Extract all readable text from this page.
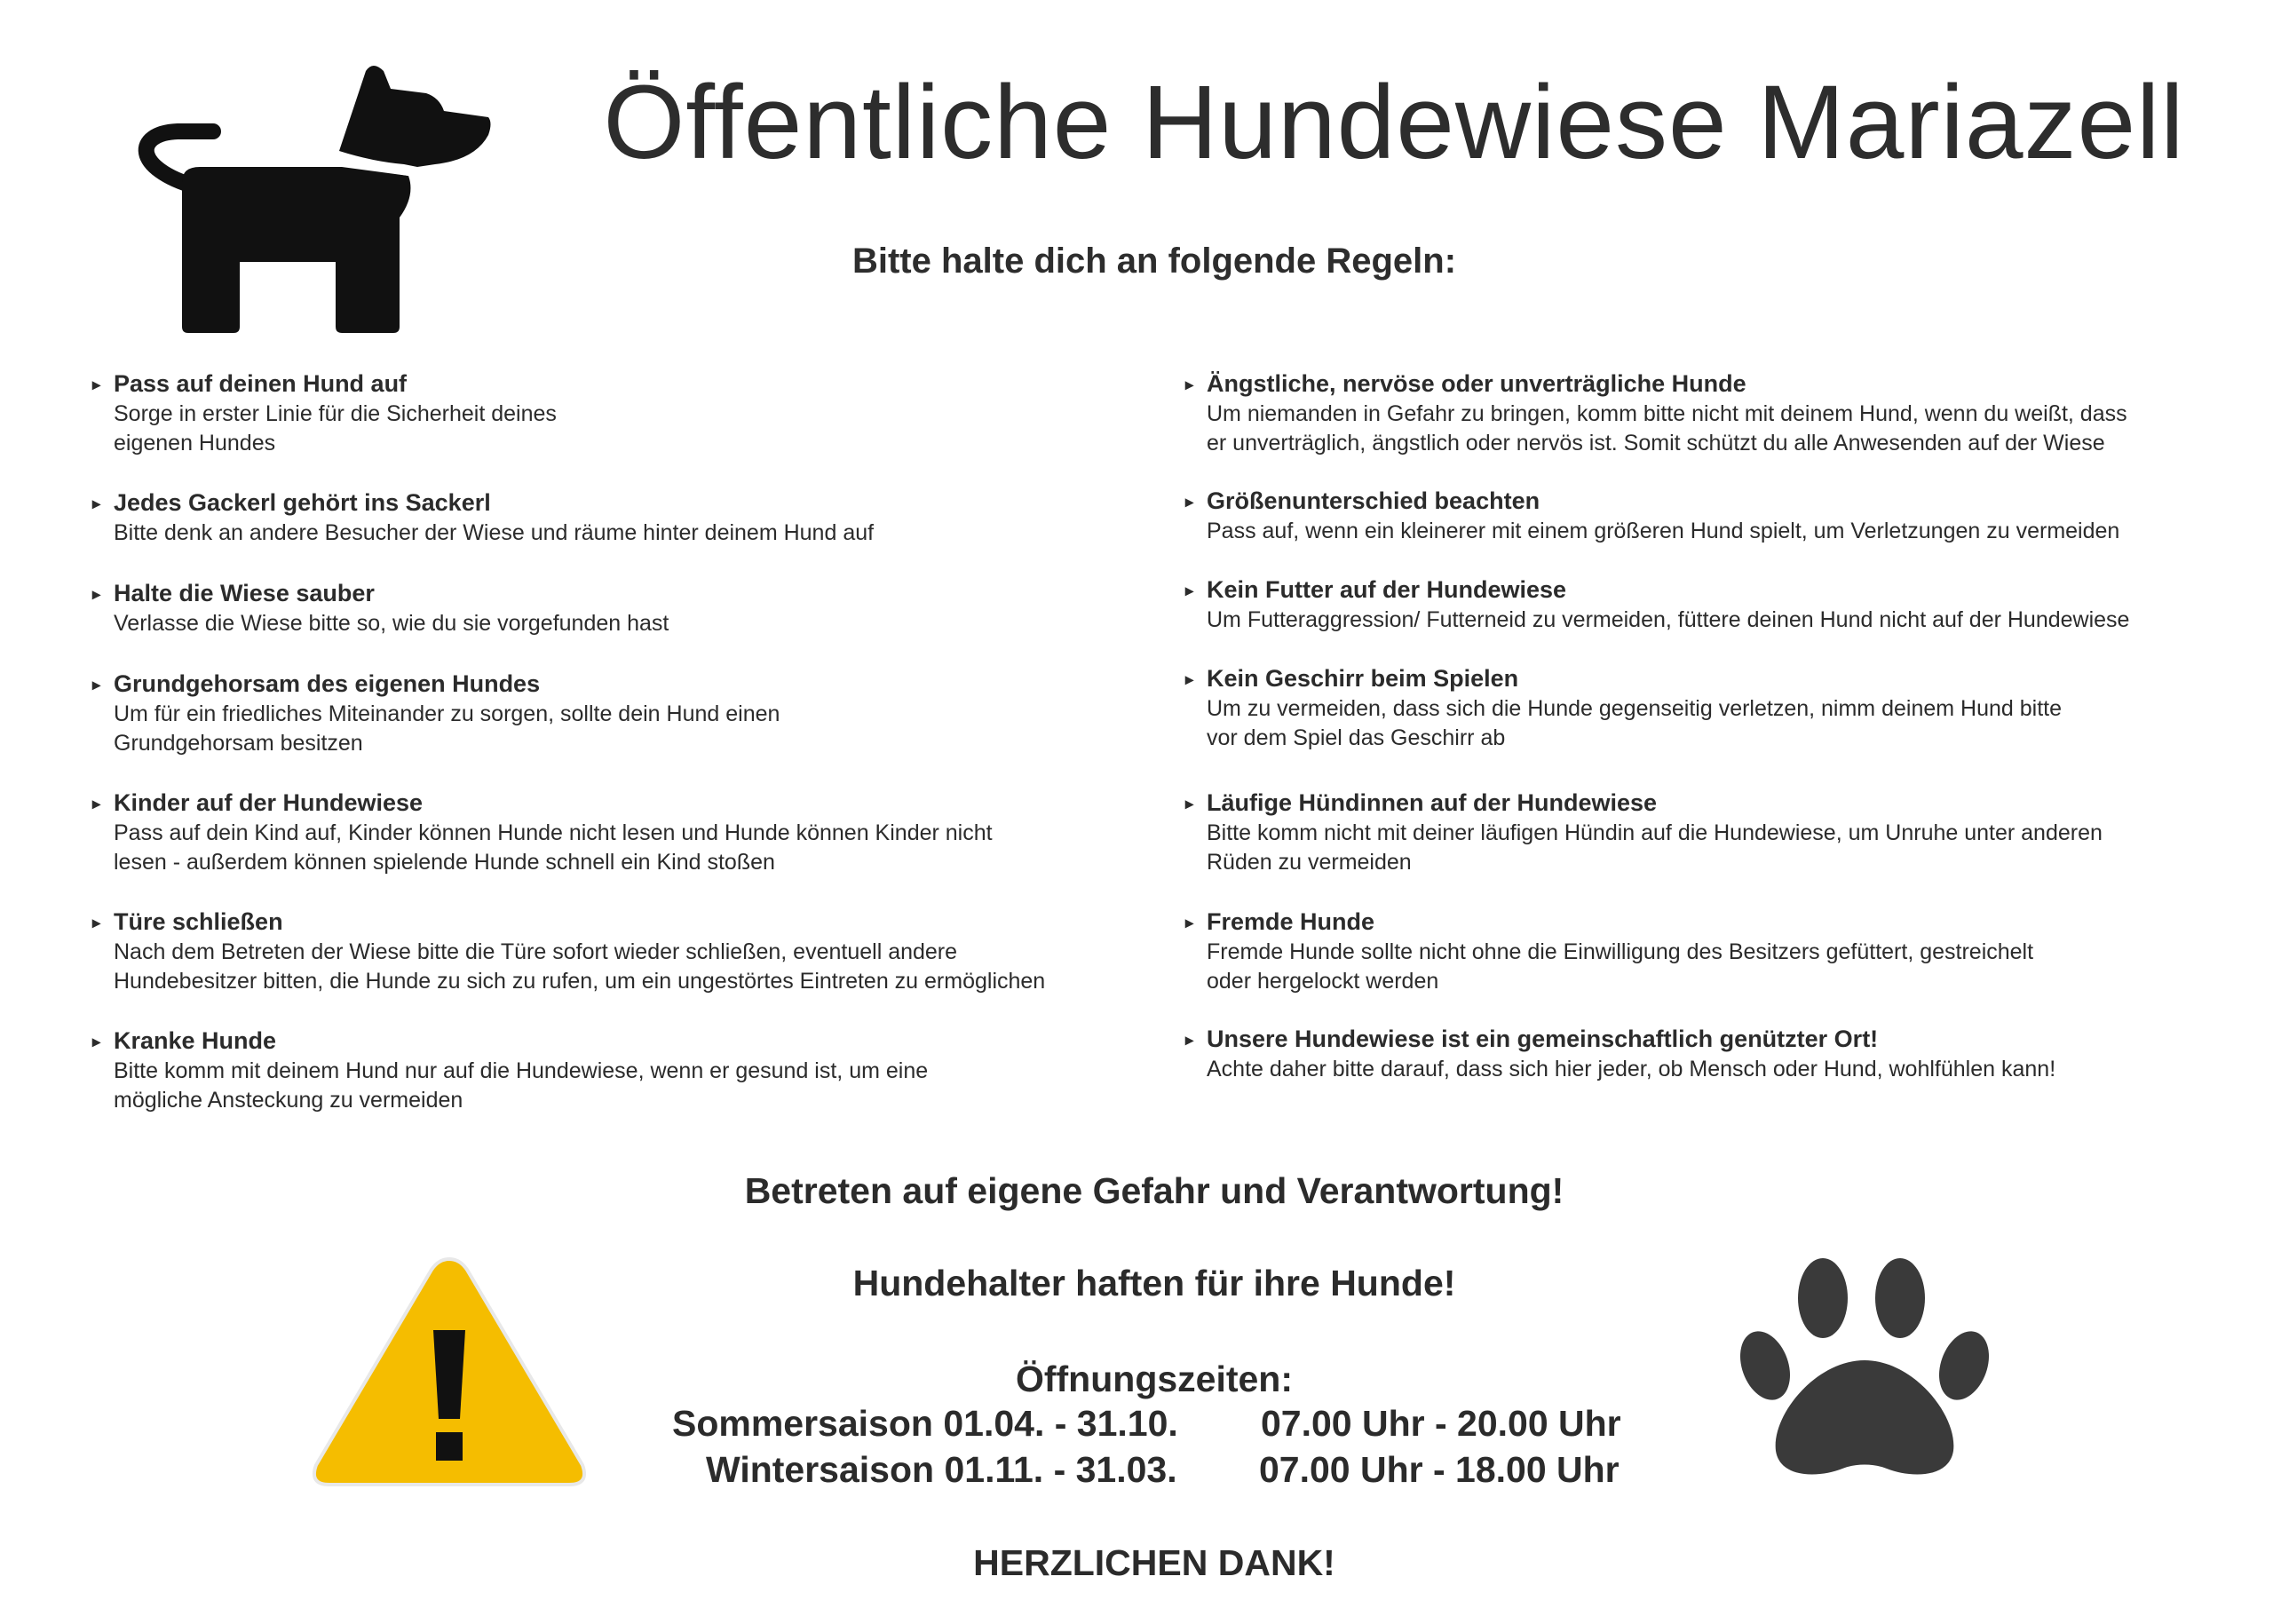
Öffentliche Hundewiese Mariazell
Bitte halte dich an folgende Regeln:
▸ Pass auf deinen Hund auf
Sorge in erster Linie für die Sicherheit deines
eigenen Hundes
▸ Jedes Gackerl gehört ins Sackerl
Bitte denk an andere Besucher der Wiese und räume hinter deinem Hund auf
▸ Halte die Wiese sauber
Verlasse die Wiese bitte so, wie du sie vorgefunden hast
▸ Grundgehorsam des eigenen Hundes
Um für ein friedliches Miteinander zu sorgen, sollte dein Hund einen
Grundgehorsam besitzen
▸ Kinder auf der Hundewiese
Pass auf dein Kind auf, Kinder können Hunde nicht lesen und Hunde können Kinder nicht
lesen - außerdem können spielende Hunde schnell ein Kind stoßen
▸ Türe schließen
Nach dem Betreten der Wiese bitte die Türe sofort wieder schließen, eventuell andere
Hundebesitzer bitten, die Hunde zu sich zu rufen, um ein ungestörtes Eintreten zu ermöglichen
▸ Kranke Hunde
Bitte komm mit deinem Hund nur auf die Hundewiese, wenn er gesund ist, um eine
mögliche Ansteckung zu vermeiden
▸ Ängstliche, nervöse oder unverträgliche Hunde
Um niemanden in Gefahr zu bringen, komm bitte nicht mit deinem Hund, wenn du weißt, dass
er unverträglich, ängstlich oder nervös ist. Somit schützt du alle Anwesenden auf der Wiese
▸ Größenunterschied beachten
Pass auf, wenn ein kleinerer mit einem größeren Hund spielt, um Verletzungen zu vermeiden
▸ Kein Futter auf der Hundewiese
Um Futteraggression/ Futterneid zu vermeiden, füttere deinen Hund nicht auf der Hundewiese
▸ Kein Geschirr beim Spielen
Um zu vermeiden, dass sich die Hunde gegenseitig verletzen, nimm deinem Hund bitte
vor dem Spiel das Geschirr ab
▸ Läufige Hündinnen auf der Hundewiese
Bitte komm nicht mit deiner läufigen Hündin auf die Hundewiese, um Unruhe unter anderen
Rüden zu vermeiden
▸ Fremde Hunde
Fremde Hunde sollte nicht ohne die Einwilligung des Besitzers gefüttert, gestreichelt
oder hergelockt werden
▸ Unsere Hundewiese ist ein gemeinschaftlich genützter Ort!
Achte daher bitte darauf, dass sich hier jeder, ob Mensch oder Hund, wohlfühlen kann!
Betreten auf eigene Gefahr und Verantwortung!
Hundehalter haften für ihre Hunde!
Öffnungszeiten:
Sommersaison 01.04. - 31.10. 07.00 Uhr - 20.00 Uhr
Wintersaison 01.11. - 31.03. 07.00 Uhr - 18.00 Uhr
HERZLICHEN DANK!
